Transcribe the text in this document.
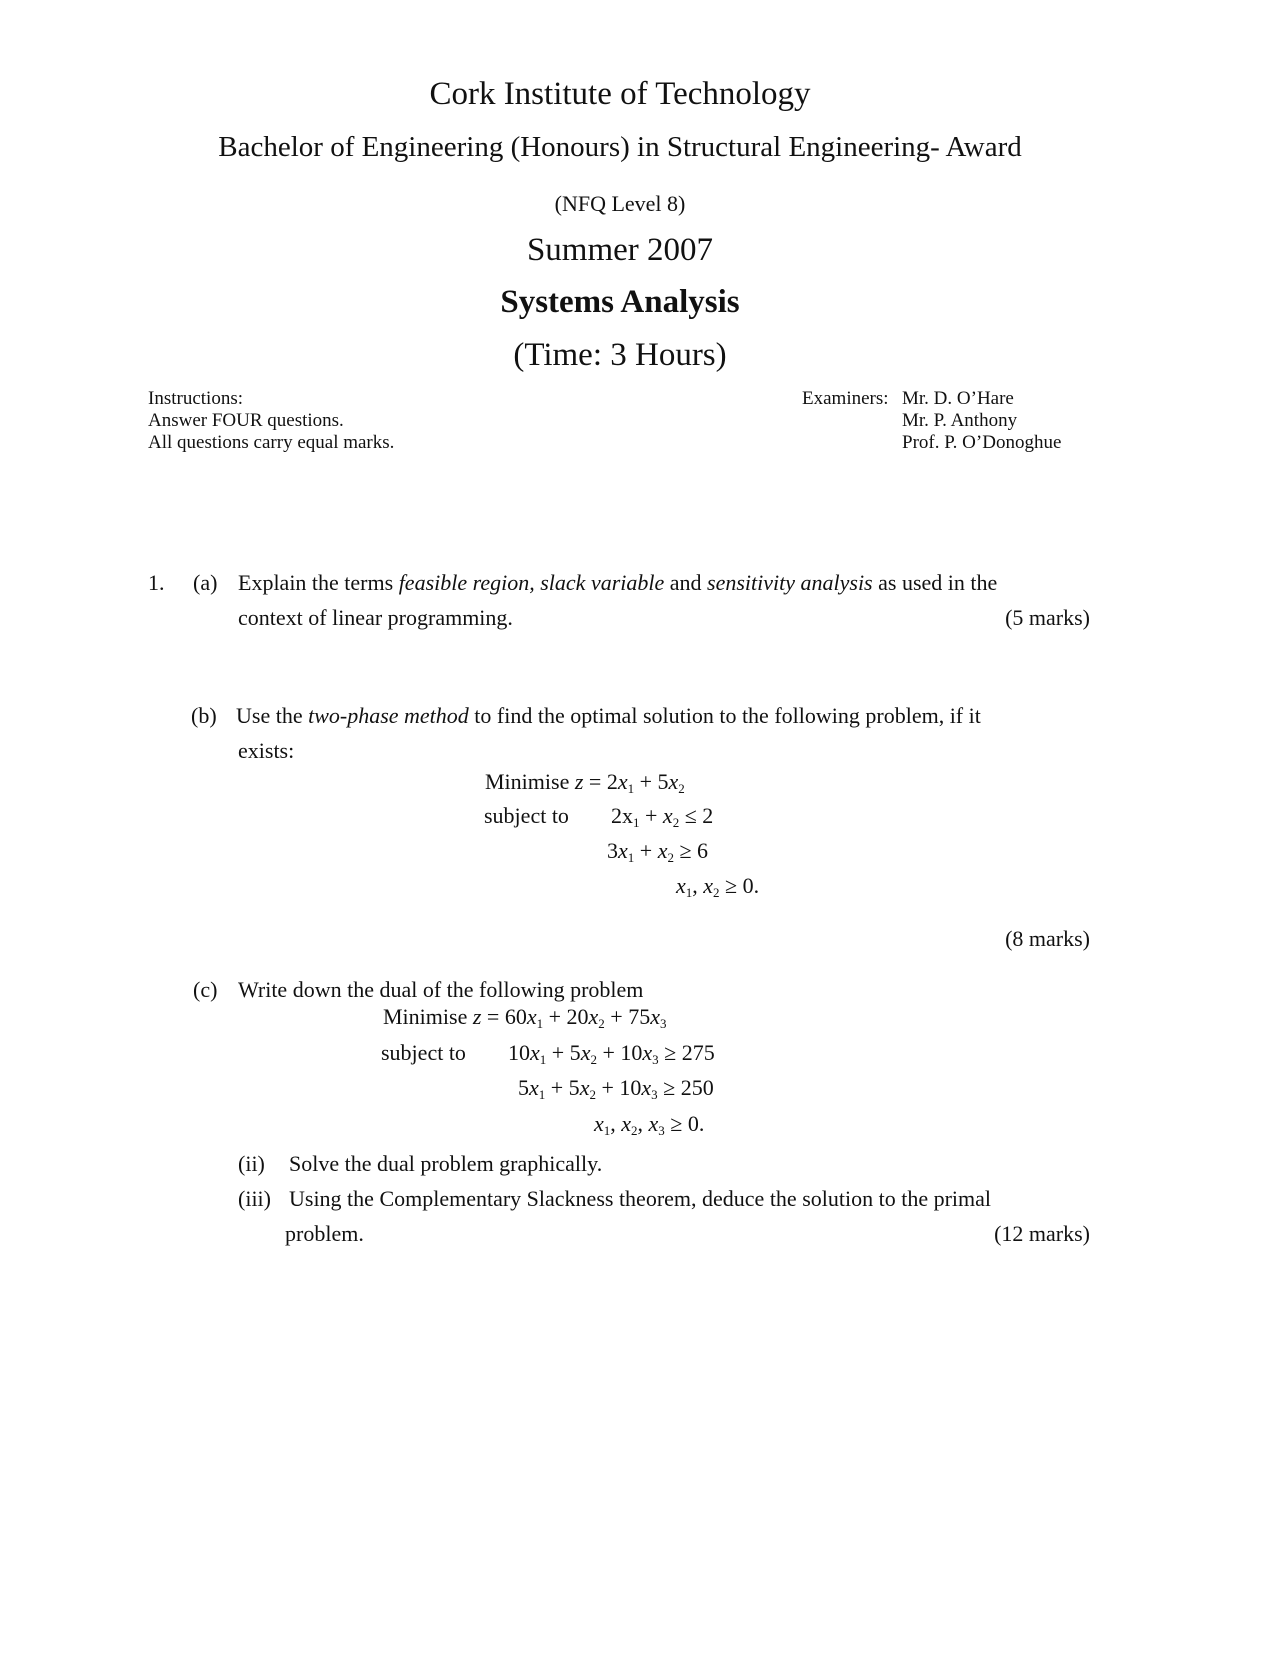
Cork Institute of Technology
Bachelor of Engineering (Honours) in Structural Engineering- Award
(NFQ Level 8)
Summer 2007
Systems Analysis
(Time: 3 Hours)
Instructions:
Answer FOUR questions.
All questions carry equal marks.
Examiners: Mr. D. O’Hare
Mr. P. Anthony
Prof. P. O’Donoghue
1. (a) Explain the terms feasible region, slack variable and sensitivity analysis as used in the
context of linear programming.	(5 marks)
(b) Use the two-phase method to find the optimal solution to the following problem, if it
exists:
Minimise $z = 2x_1 + 5x_2$
subject to $2x_1 + x_2 \le 2$
$3x_1 + x_2 \ge 6$
$x_1$, $x_2 \ge 0$.
(8 marks)
(c) Write down the dual of the following problem
Minimise $z = 60x_1 + 20x_2 + 75x_3$
subject to $10x_1 + 5x_2 + 10x_3 \ge 275$
$5x_1 + 5x_2 + 10x_3 \ge 250$
$x_1$, $x_2$, $x_3 \ge 0$.
(ii) Solve the dual problem graphically.
(iii) Using the Complementary Slackness theorem, deduce the solution to the primal
problem.	(12 marks)
